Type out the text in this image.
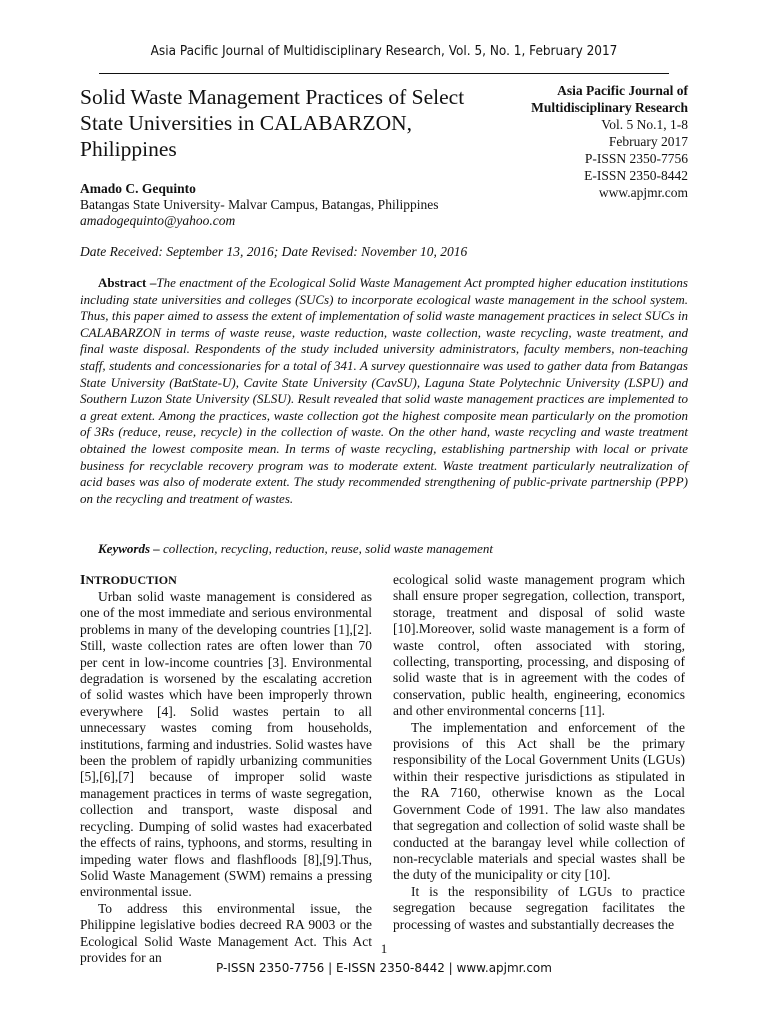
Asia Pacific Journal of Multidisciplinary Research, Vol. 5, No. 1, February 2017
Solid Waste Management Practices of Select State Universities in CALABARZON, Philippines
Asia Pacific Journal of Multidisciplinary Research
Vol. 5 No.1, 1-8
February 2017
P-ISSN 2350-7756
E-ISSN 2350-8442
www.apjmr.com
Amado C. Gequinto
Batangas State University- Malvar Campus, Batangas, Philippines
amadogequinto@yahoo.com
Date Received: September 13, 2016; Date Revised: November 10, 2016

Abstract –The enactment of the Ecological Solid Waste Management Act prompted higher education institutions including state universities and colleges (SUCs) to incorporate ecological waste management in the school system. Thus, this paper aimed to assess the extent of implementation of solid waste management practices in select SUCs in CALABARZON in terms of waste reuse, waste reduction, waste collection, waste recycling, waste treatment, and final waste disposal. Respondents of the study included university administrators, faculty members, non-teaching staff, students and concessionaries for a total of 341. A survey questionnaire was used to gather data from Batangas State University (BatState-U), Cavite State University (CavSU), Laguna State Polytechnic University (LSPU) and Southern Luzon State University (SLSU). Result revealed that solid waste management practices are implemented to a great extent. Among the practices, waste collection got the highest composite mean particularly on the promotion of 3Rs (reduce, reuse, recycle) in the collection of waste. On the other hand, waste recycling and waste treatment obtained the lowest composite mean. In terms of waste recycling, establishing partnership with local or private business for recyclable recovery program was to moderate extent. Waste treatment particularly neutralization of acid bases was also of moderate extent. The study recommended strengthening of public-private partnership (PPP) on the recycling and treatment of wastes.

Keywords – collection, recycling, reduction, reuse, solid waste management
INTRODUCTION

Urban solid waste management is considered as one of the most immediate and serious environmental problems in many of the developing countries [1],[2]. Still, waste collection rates are often lower than 70 per cent in low-income countries [3]. Environmental degradation is worsened by the escalating accretion of solid wastes which have been improperly thrown everywhere [4]. Solid wastes pertain to all unnecessary wastes coming from households, institutions, farming and industries. Solid wastes have been the problem of rapidly urbanizing communities [5],[6],[7] because of improper solid waste management practices in terms of waste segregation, collection and transport, waste disposal and recycling. Dumping of solid wastes had exacerbated the effects of rains, typhoons, and storms, resulting in impeding water flows and flashfloods [8],[9].Thus, Solid Waste Management (SWM) remains a pressing environmental issue.

To address this environmental issue, the Philippine legislative bodies decreed RA 9003 or the Ecological Solid Waste Management Act. This Act provides for an

ecological solid waste management program which shall ensure proper segregation, collection, transport, storage, treatment and disposal of solid waste [10].Moreover, solid waste management is a form of waste control, often associated with storing, collecting, transporting, processing, and disposing of solid waste that is in agreement with the codes of conservation, public health, engineering, economics and other environmental concerns [11].

The implementation and enforcement of the provisions of this Act shall be the primary responsibility of the Local Government Units (LGUs) within their respective jurisdictions as stipulated in the RA 7160, otherwise known as the Local Government Code of 1991. The law also mandates that segregation and collection of solid waste shall be conducted at the barangay level while collection of non-recyclable materials and special wastes shall be the duty of the municipality or city [10].

It is the responsibility of LGUs to practice segregation because segregation facilitates the processing of wastes and substantially decreases the

1
P-ISSN 2350-7756 | E-ISSN 2350-8442 | www.apjmr.com
